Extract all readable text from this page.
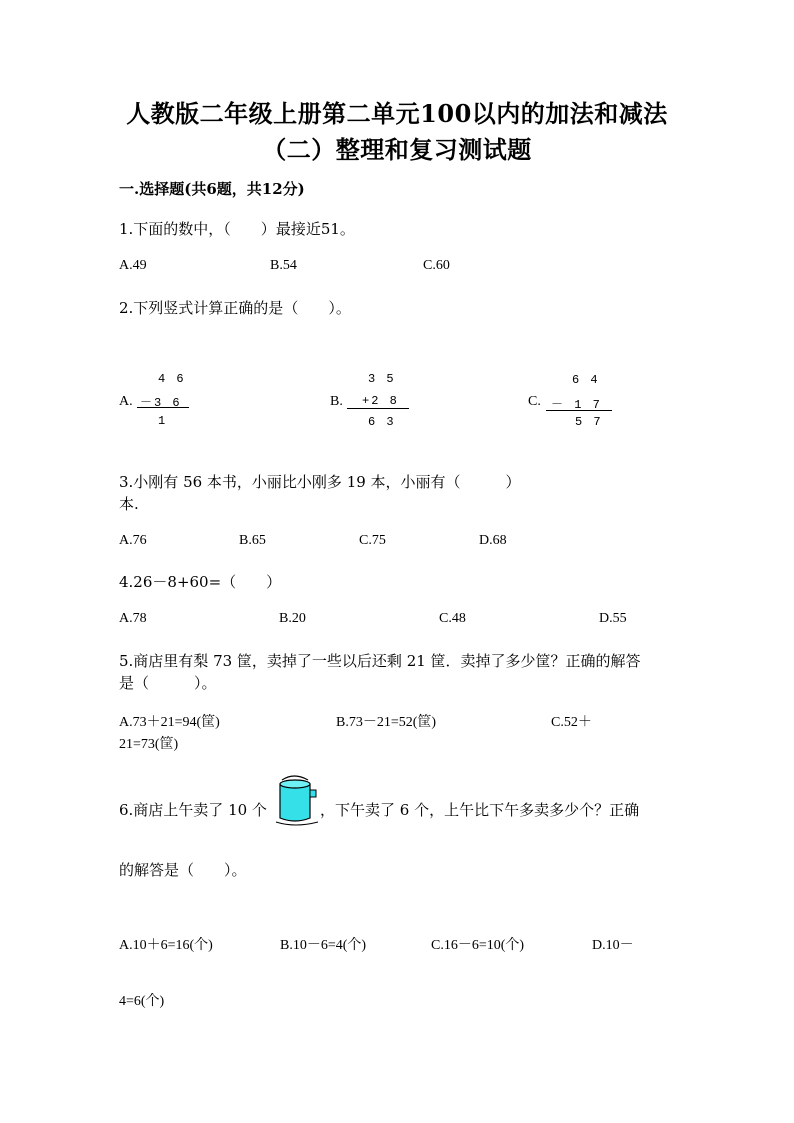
人教版二年级上册第二单元100以内的加法和减法
（二）整理和复习测试题
一.选择题(共6题，共12分)
1.下面的数中，（　　）最接近51。
A.49	B.54	C.60
2.下列竖式计算正确的是（　　）。
A.
4 6
－3 6
1
B.
3 5
+2 8
6 3
C.
6 4
－ 1 7
5 7
3.小刚有 56 本书，小丽比小刚多 19 本，小丽有（　　　）
本.
A.76	B.65	C.75	D.68
4.26－8+60=（　　）
A.78	B.20	C.48	D.55
5.商店里有梨 73 筐，卖掉了一些以后还剩 21 筐．卖掉了多少筐？正确的解答
是（　　　）。
A.73＋21=94(筐)	B.73－21=52(筐)	C.52＋
21=73(筐)
6.商店上午卖了 10 个	，下午卖了 6 个，上午比下午多卖多少个？正确
的解答是（　　）。
A.10＋6=16(个)	B.10－6=4(个)	C.16－6=10(个)	D.10－
4=6(个)
